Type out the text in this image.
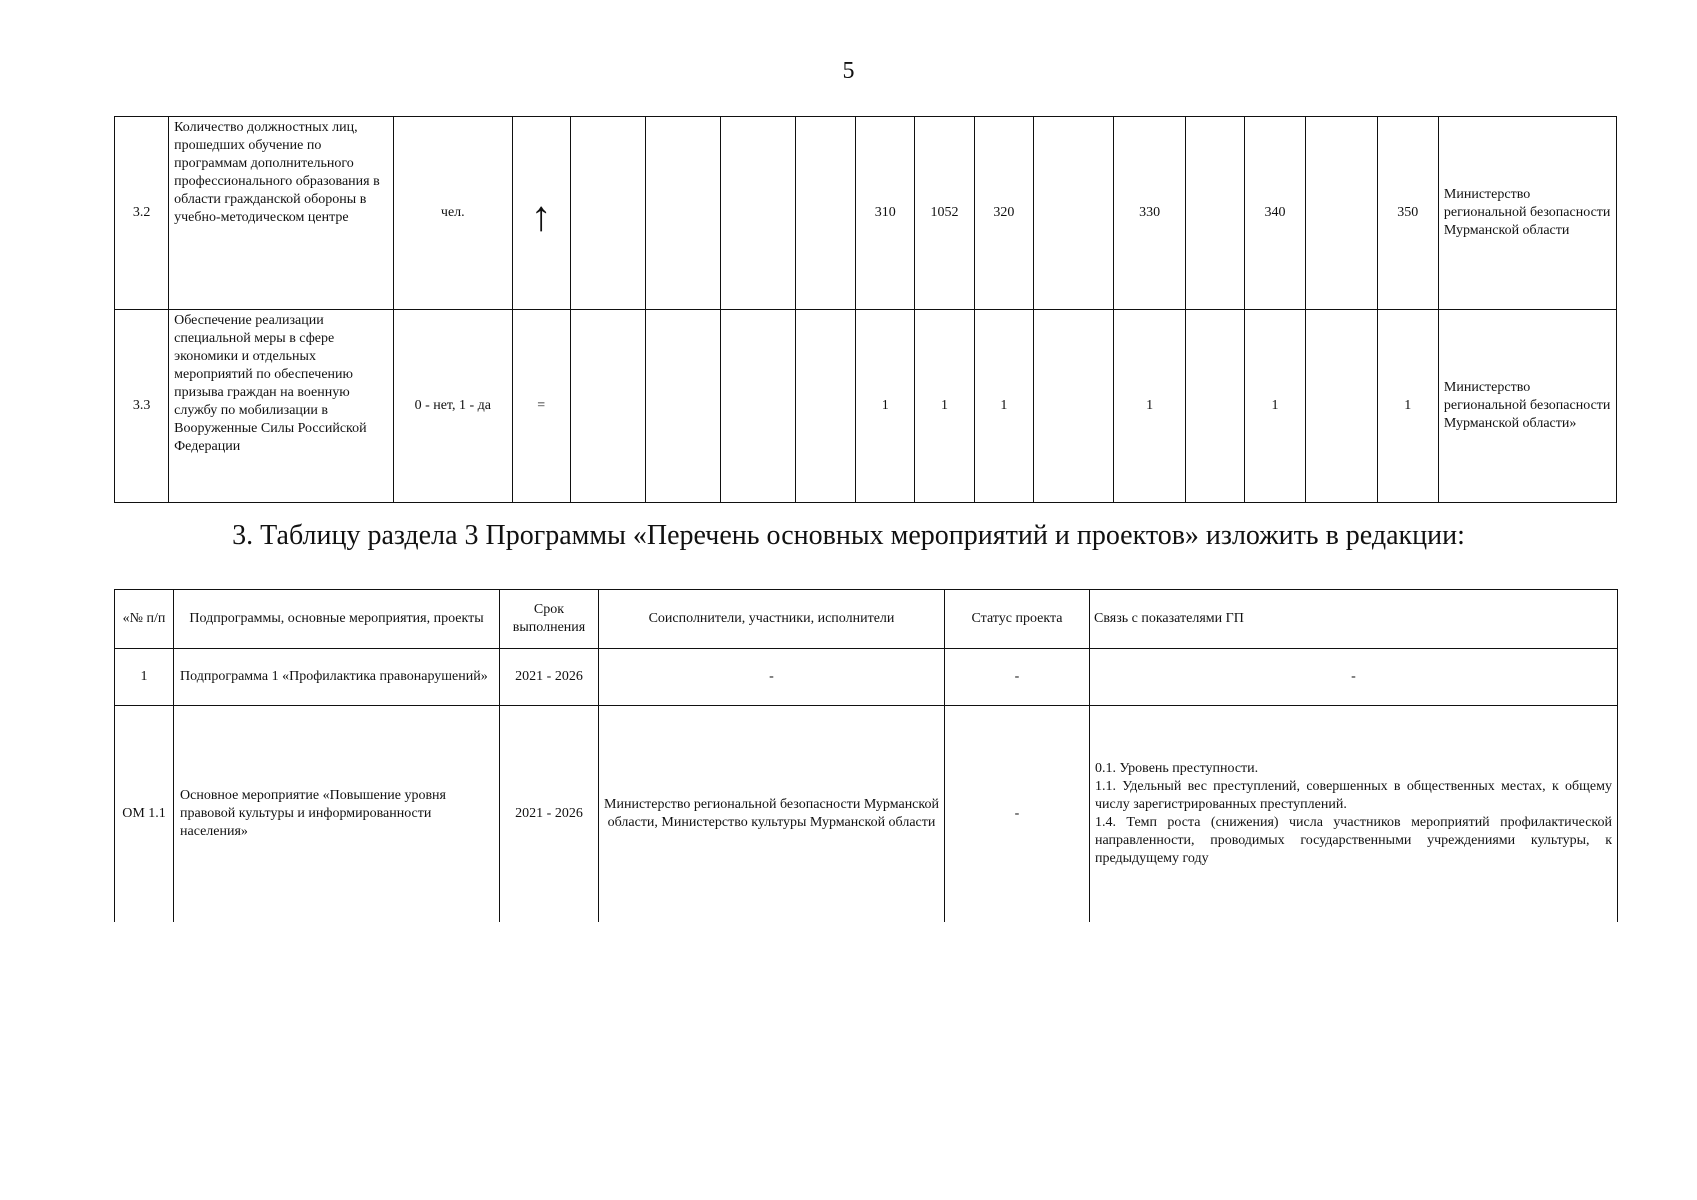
5
3.2	Количество должностных лиц, прошедших обучение по программам дополнительного профессионального образования в области гражданской обороны в учебно-методическом центре	чел.	↑					310	1052	320		330		340		350	Министерство региональной безопасности Мурманской области
3.3	Обеспечение реализации специальной меры в сфере экономики и отдельных мероприятий по обеспечению призыва граждан на военную службу по мобилизации в Вооруженные Силы Российской Федерации	0 - нет, 1 - да	=					1	1	1		1		1		1	Министерство региональной безопасности Мурманской области»
3. Таблицу раздела 3 Программы «Перечень основных мероприятий и проектов» изложить в редакции:
«№ п/п	Подпрограммы, основные мероприятия, проекты	Срок выполнения	Соисполнители, участники, исполнители	Статус проекта	Связь с показателями ГП
1	Подпрограмма 1 «Профилактика правонарушений»	2021 - 2026	-	-	-
ОМ 1.1	Основное мероприятие «Повышение уровня правовой культуры и информированности населения»	2021 - 2026	Министерство региональной безопасности Мурманской области, Министерство культуры Мурманской области	-	0.1. Уровень преступности.
1.1. Удельный вес преступлений, совершенных в общественных местах, к общему числу зарегистрированных преступлений.
1.4. Темп роста (снижения) числа участников мероприятий профилактической направленности, проводимых государственными учреждениями культуры, к предыдущему году
